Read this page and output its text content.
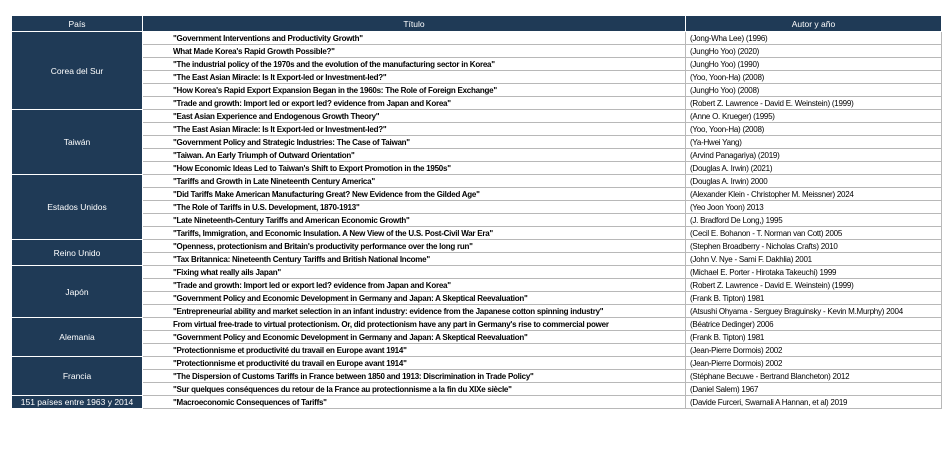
País	Título	Autor y año
Corea del Sur	"Government Interventions and Productivity Growth"	(Jong-Wha Lee) (1996)
	What Made Korea's Rapid Growth Possible?"	(JungHo Yoo) (2020)
	"The industrial policy of the 1970s and the evolution of the manufacturing sector in Korea"	(JungHo Yoo) (1990)
	"The East Asian Miracle: Is It Export-led or Investment-led?"	(Yoo, Yoon-Ha) (2008)
	"How Korea's Rapid Export Expansion Began in the 1960s: The Role of Foreign Exchange"	(JungHo Yoo) (2008)
	"Trade and growth: Import led or export led? evidence from Japan and Korea"	(Robert Z. Lawrence - David E. Weinstein) (1999)
Taiwán	"East Asian Experience and Endogenous Growth Theory"	(Anne O. Krueger) (1995)
	"The East Asian Miracle: Is It Export-led or Investment-led?"	(Yoo, Yoon-Ha) (2008)
	"Government Policy and Strategic Industries: The Case of Taiwan"	(Ya-Hwei Yang)
	"Taiwan. An Early Triumph of Outward Orientation"	(Arvind Panagariya) (2019)
	"How Economic Ideas Led to Taiwan's Shift to Export Promotion in the 1950s"	(Douglas A. Irwin) (2021)
Estados Unidos	"Tariffs and Growth in Late Nineteenth Century America"	(Douglas A. Irwin) 2000
	"Did Tariffs Make American Manufacturing Great? New Evidence from the Gilded Age"	(Alexander Klein - Christopher M. Meissner) 2024
	"The Role of Tariffs in U.S. Development, 1870-1913"	(Yeo Joon Yoon) 2013
	"Late Nineteenth-Century Tariffs and American Economic Growth"	(J. Bradford De Long,) 1995
	"Tariffs, Immigration, and Economic Insulation. A New View of the U.S. Post-Civil War Era"	(Cecil E. Bohanon - T. Norman van Cott) 2005
Reino Unido	"Openness, protectionism and Britain's productivity performance over the long run"	(Stephen Broadberry - Nicholas Crafts) 2010
	"Tax Britannica: Nineteenth Century Tariffs and British National Income"	(John V. Nye - Sami F. Dakhlia) 2001
Japón	"Fixing what really ails Japan"	(Michael E. Porter - Hirotaka Takeuchi) 1999
	"Trade and growth: Import led or export led? evidence from Japan and Korea"	(Robert Z. Lawrence - David E. Weinstein) (1999)
	"Government Policy and Economic Development in Germany and Japan: A Skeptical Reevaluation"	(Frank B. Tipton) 1981
	"Entrepreneurial ability and market selection in an infant industry: evidence from the Japanese cotton spinning industry"	(Atsushi Ohyama - Serguey Braguinsky - Kevin M.Murphy) 2004
Alemania	From virtual free-trade to virtual protectionism. Or, did protectionism have any part in Germany's rise to commercial power	(Béatrice Dedinger) 2006
	"Government Policy and Economic Development in Germany and Japan: A Skeptical Reevaluation"	(Frank B. Tipton) 1981
	"Protectionnisme et productivité du travail en Europe avant 1914"	(Jean-Pierre Dormois) 2002
Francia	"Protectionnisme et productivité du travail en Europe avant 1914"	(Jean-Pierre Dormois) 2002
	"The Dispersion of Customs Tariffs in France between 1850 and 1913: Discrimination in Trade Policy"	(Stéphane Becuwe - Bertrand Blancheton) 2012
	"Sur quelques conséquences du retour de la France au protectionnisme a la fin du XIXe siècle"	(Daniel Salem) 1967
151 países entre 1963 y 2014	"Macroeconomic Consequences of Tariffs"	(Davide Furceri, Swarnali A Hannan, et al) 2019
